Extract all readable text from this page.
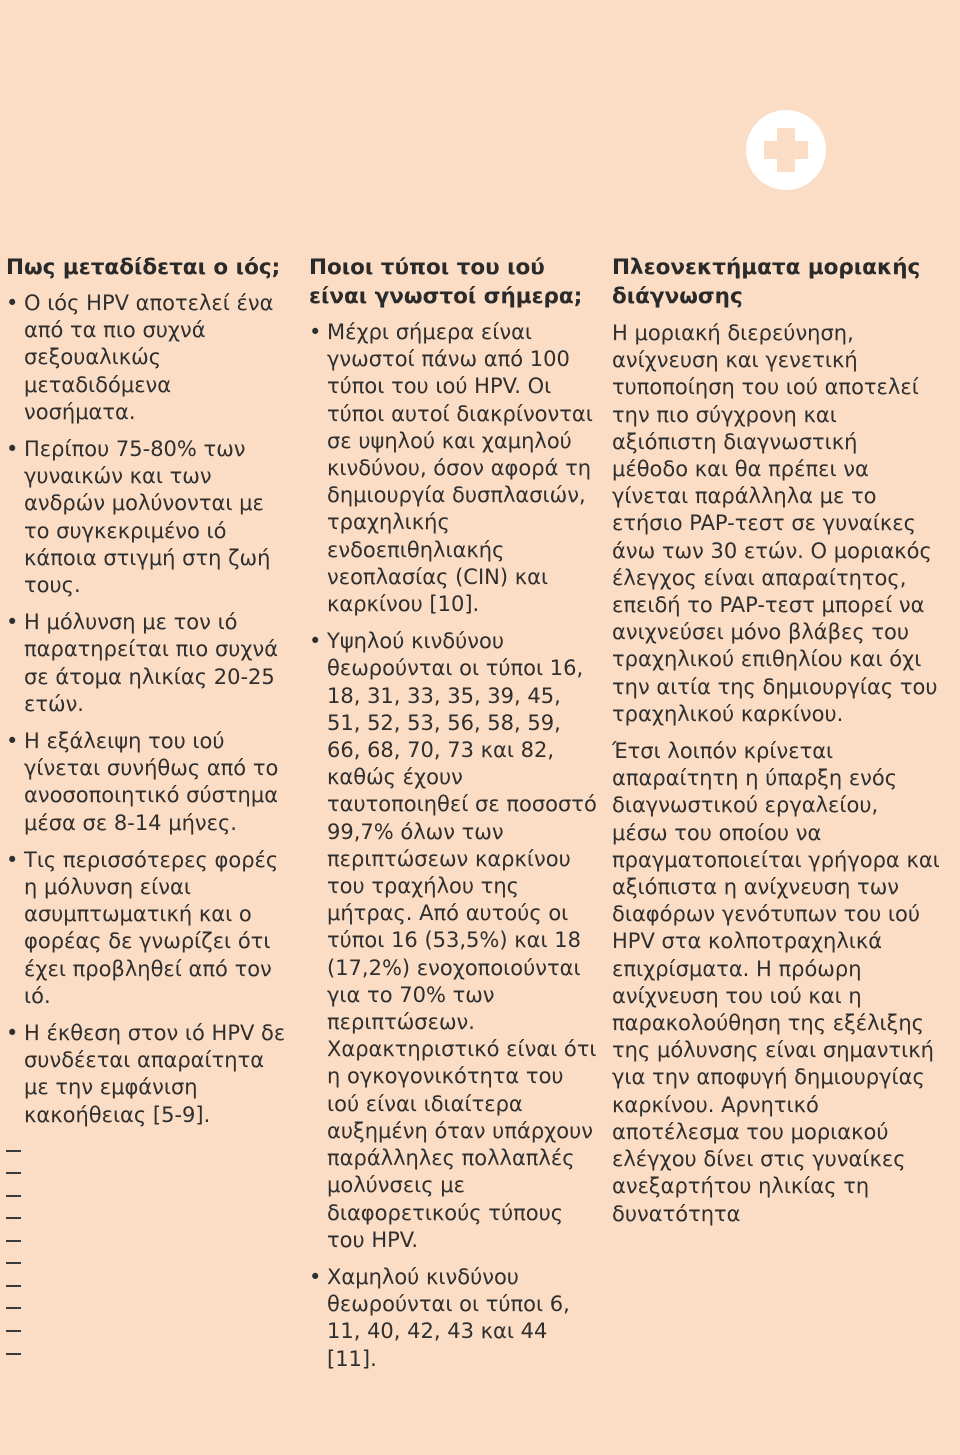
Πως μεταδίδεται ο ιός;
• Ο ιός HPV αποτελεί ένα από τα πιο συχνά σεξουαλικώς μεταδιδόμενα νοσήματα.
• Περίπου 75-80% των γυναικών και των ανδρών μολύνονται με το συγκεκριμένο ιό κάποια στιγμή στη ζωή τους.
• Η μόλυνση με τον ιό παρατηρείται πιο συχνά σε άτομα ηλικίας 20-25 ετών.
• Η εξάλειψη του ιού γίνεται συνήθως από το ανοσοποιητικό σύστημα μέσα σε 8-14 μήνες.
• Τις περισσότερες φορές η μόλυνση είναι ασυμπτωματική και ο φορέας δε γνωρίζει ότι έχει προβληθεί από τον ιό.
• Η έκθεση στον ιό HPV δε συνδέεται απαραίτητα με την εμφάνιση κακοήθειας [5-9].
Ποιοι τύποι του ιού είναι γνωστοί σήμερα;
• Μέχρι σήμερα είναι γνωστοί πάνω από 100 τύποι του ιού HPV. Οι τύποι αυτοί διακρίνονται σε υψηλού και χαμηλού κινδύνου, όσον αφορά τη δημιουργία δυσπλασιών, τραχηλικής ενδοεπιθηλιακής νεοπλασίας (CIN) και καρκίνου [10].
• Υψηλού κινδύνου θεωρούνται οι τύποι 16, 18, 31, 33, 35, 39, 45, 51, 52, 53, 56, 58, 59, 66, 68, 70, 73 και 82, καθώς έχουν ταυτοποιηθεί σε ποσοστό 99,7% όλων των περιπτώσεων καρκίνου του τραχήλου της μήτρας. Από αυτούς οι τύποι 16 (53,5%) και 18 (17,2%) ενοχοποιούνται για το 70% των περιπτώσεων. Χαρακτηριστικό είναι ότι η ογκογονικότητα του ιού είναι ιδιαίτερα αυξημένη όταν υπάρχουν παράλληλες πολλαπλές μολύνσεις με διαφορετικούς τύπους του HPV.
• Χαμηλού κινδύνου θεωρούνται οι τύποι 6, 11, 40, 42, 43 και 44 [11].
Πλεονεκτήματα μοριακής διάγνωσης

Η μοριακή διερεύνηση, ανίχνευση και γενετική τυποποίηση του ιού αποτελεί την πιο σύγχρονη και αξιόπιστη διαγνωστική μέθοδο και θα πρέπει να γίνεται παράλληλα με το ετήσιο PAP-τεστ σε γυναίκες άνω των 30 ετών. Ο μοριακός έλεγχος είναι απαραίτητος, επειδή το PAP-τεστ μπορεί να ανιχνεύσει μόνο βλάβες του τραχηλικού επιθηλίου και όχι την αιτία της δημιουργίας του τραχηλικού καρκίνου.

Έτσι λοιπόν κρίνεται απαραίτητη η ύπαρξη ενός διαγνωστικού εργαλείου, μέσω του οποίου να πραγματοποιείται γρήγορα και αξιόπιστα η ανίχνευση των διαφόρων γενότυπων του ιού HPV στα κολποτραχηλικά επιχρίσματα. Η πρόωρη ανίχνευση του ιού και η παρακολούθηση της εξέλιξης της μόλυνσης είναι σημαντική για την αποφυγή δημιουργίας καρκίνου. Αρνητικό αποτέλεσμα του μοριακού ελέγχου δίνει στις γυναίκες ανεξαρτήτου ηλικίας τη δυνατότητα
